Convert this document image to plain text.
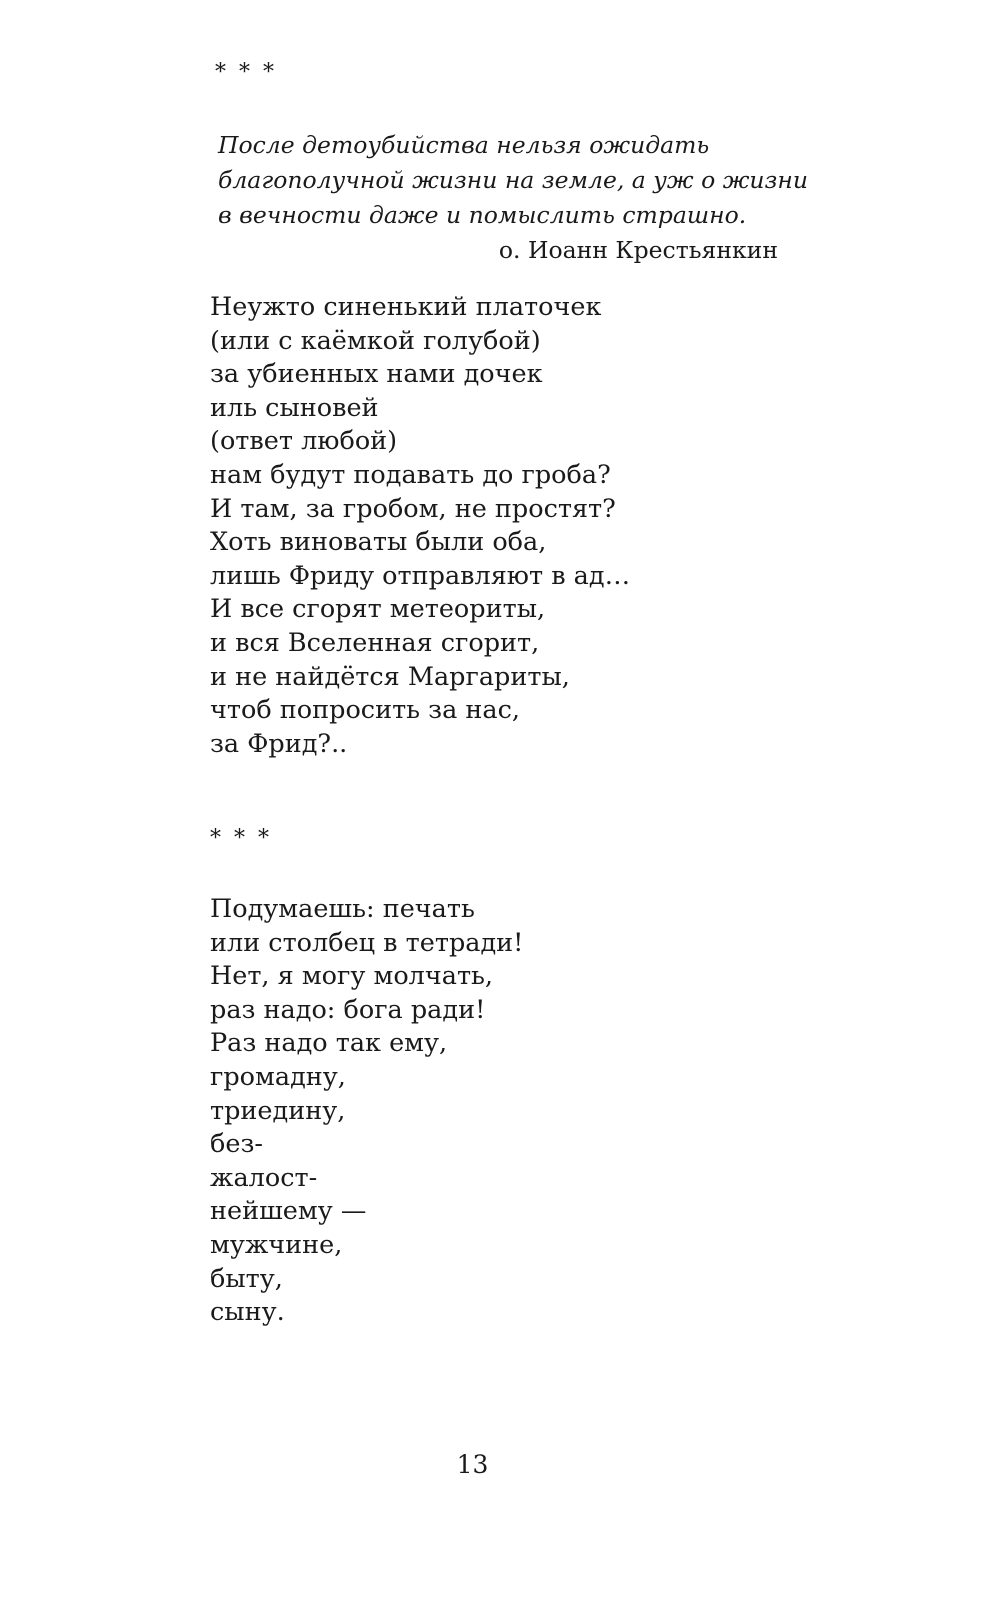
* * *
После детоубийства нельзя ожидать
благополучной жизни на земле, а уж о жизни
в вечности даже и помыслить страшно.
о. Иоанн Крестьянкин
Неужто синенький платочек
(или с каёмкой голубой)
за убиенных нами дочек
иль сыновей
(ответ любой)
нам будут подавать до гроба?
И там, за гробом, не простят?
Хоть виноваты были оба,
лишь Фриду отправляют в ад…
И все сгорят метеориты,
и вся Вселенная сгорит,
и не найдётся Маргариты,
чтоб попросить за нас,
за Фрид?..
* * *
Подумаешь: печать
или столбец в тетради!
Нет, я могу молчать,
раз надо: бога ради!
Раз надо так ему,
громадну,
триедину,
без-
жалост-
нейшему —
мужчине,
быту,
сыну.
13
